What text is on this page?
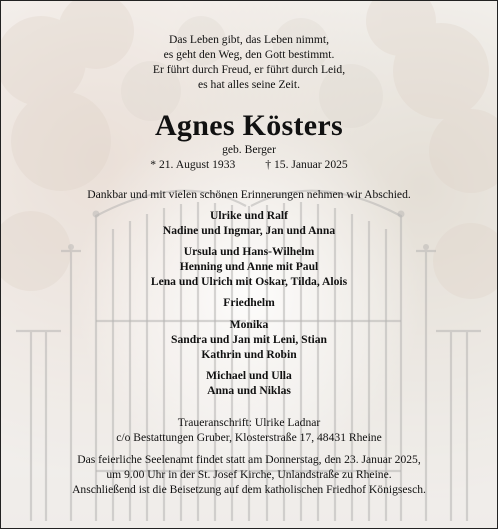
Das Leben gibt, das Leben nimmt,
es geht den Weg, den Gott bestimmt.
Er führt durch Freud, er führt durch Leid,
es hat alles seine Zeit.
Agnes Kösters
geb. Berger
* 21. August 1933	† 15. Januar 2025
Dankbar und mit vielen schönen Erinnerungen nehmen wir Abschied.
Ulrike und Ralf
Nadine und Ingmar, Jan und Anna
Ursula und Hans-Wilhelm
Henning und Anne mit Paul
Lena und Ulrich mit Oskar, Tilda, Alois
Friedhelm
Monika
Sandra und Jan mit Leni, Stian
Kathrin und Robin
Michael und Ulla
Anna und Niklas
Traueranschrift: Ulrike Ladnar
c/o Bestattungen Gruber, Klosterstraße 17, 48431 Rheine
Das feierliche Seelenamt findet statt am Donnerstag, den 23. Januar 2025,
um 9.00 Uhr in der St. Josef Kirche, Unlandstraße zu Rheine.
Anschließend ist die Beisetzung auf dem katholischen Friedhof Königsesch.
